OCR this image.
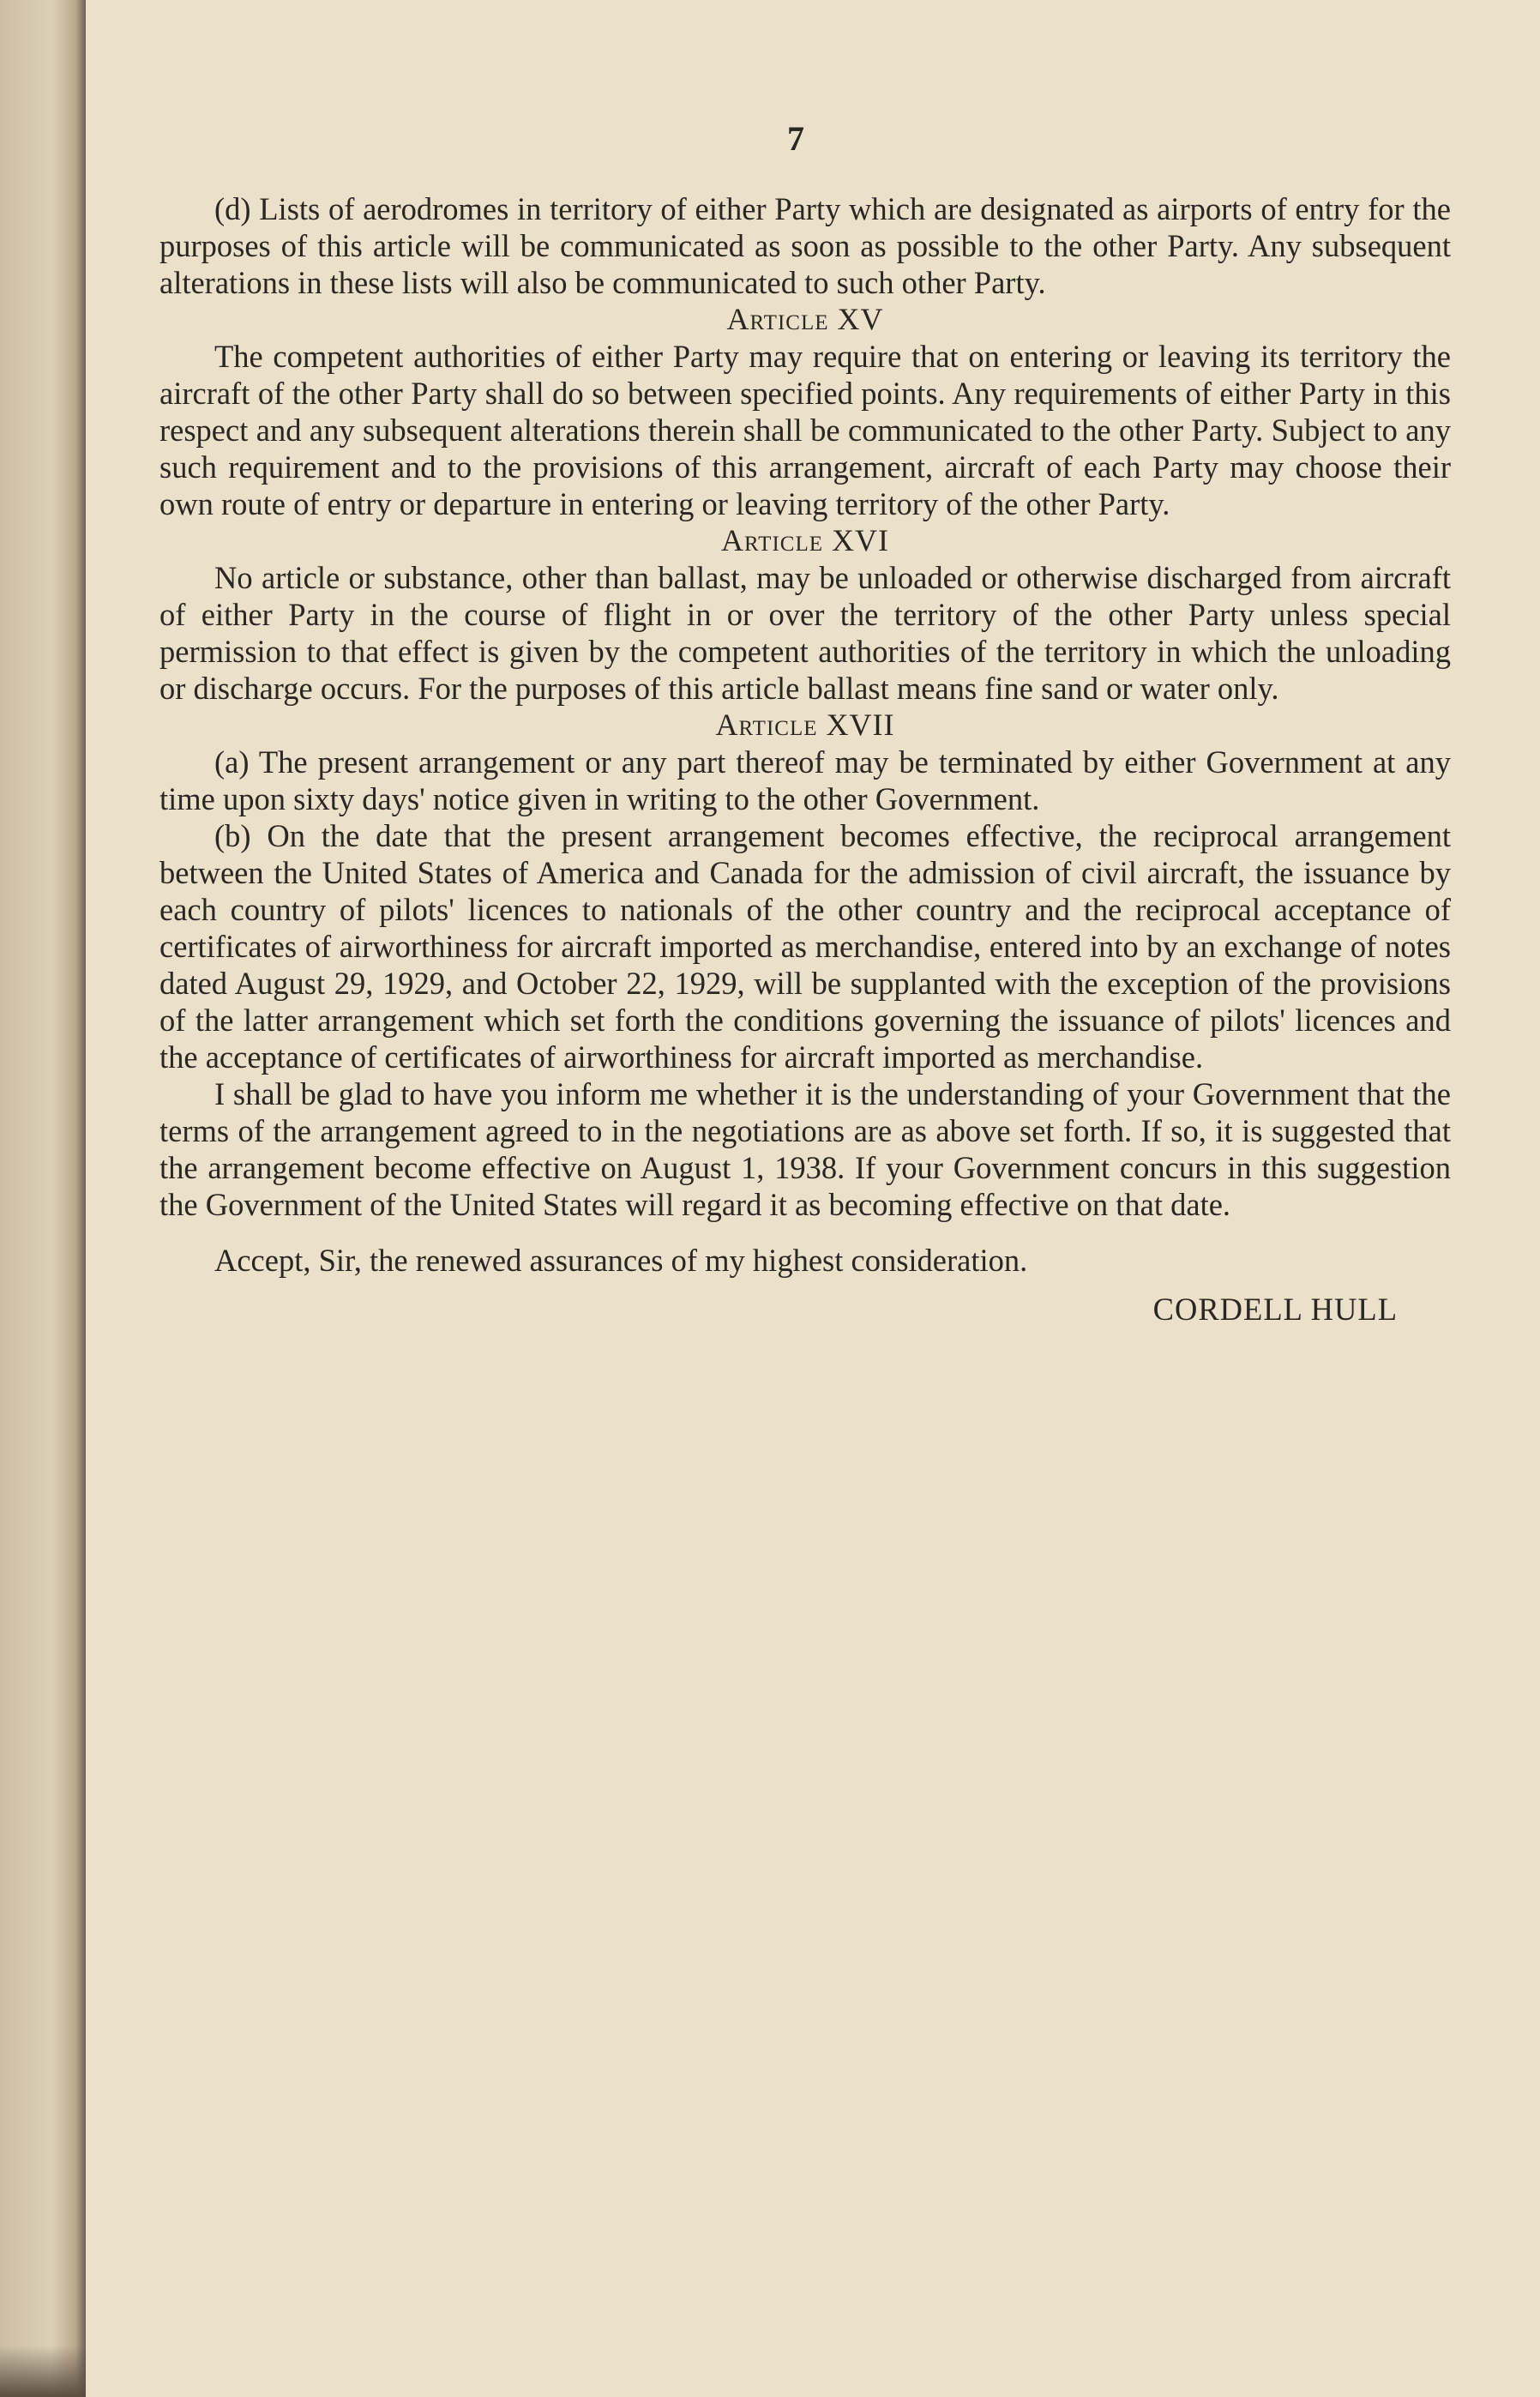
7

(d) Lists of aerodromes in territory of either Party which are designated as airports of entry for the purposes of this article will be communicated as soon as possible to the other Party. Any subsequent alterations in these lists will also be communicated to such other Party.

Article XV

The competent authorities of either Party may require that on entering or leaving its territory the aircraft of the other Party shall do so between specified points. Any requirements of either Party in this respect and any subsequent alterations therein shall be communicated to the other Party. Subject to any such requirement and to the provisions of this arrangement, aircraft of each Party may choose their own route of entry or departure in entering or leaving territory of the other Party.

Article XVI

No article or substance, other than ballast, may be unloaded or otherwise discharged from aircraft of either Party in the course of flight in or over the territory of the other Party unless special permission to that effect is given by the competent authorities of the territory in which the unloading or discharge occurs. For the purposes of this article ballast means fine sand or water only.

Article XVII

(a) The present arrangement or any part thereof may be terminated by either Government at any time upon sixty days' notice given in writing to the other Government.

(b) On the date that the present arrangement becomes effective, the reciprocal arrangement between the United States of America and Canada for the admission of civil aircraft, the issuance by each country of pilots' licences to nationals of the other country and the reciprocal acceptance of certificates of airworthiness for aircraft imported as merchandise, entered into by an exchange of notes dated August 29, 1929, and October 22, 1929, will be supplanted with the exception of the provisions of the latter arrangement which set forth the conditions governing the issuance of pilots' licences and the acceptance of certificates of airworthiness for aircraft imported as merchandise.

I shall be glad to have you inform me whether it is the understanding of your Government that the terms of the arrangement agreed to in the negotiations are as above set forth. If so, it is suggested that the arrangement become effective on August 1, 1938. If your Government concurs in this suggestion the Government of the United States will regard it as becoming effective on that date.

Accept, Sir, the renewed assurances of my highest consideration.

CORDELL HULL
